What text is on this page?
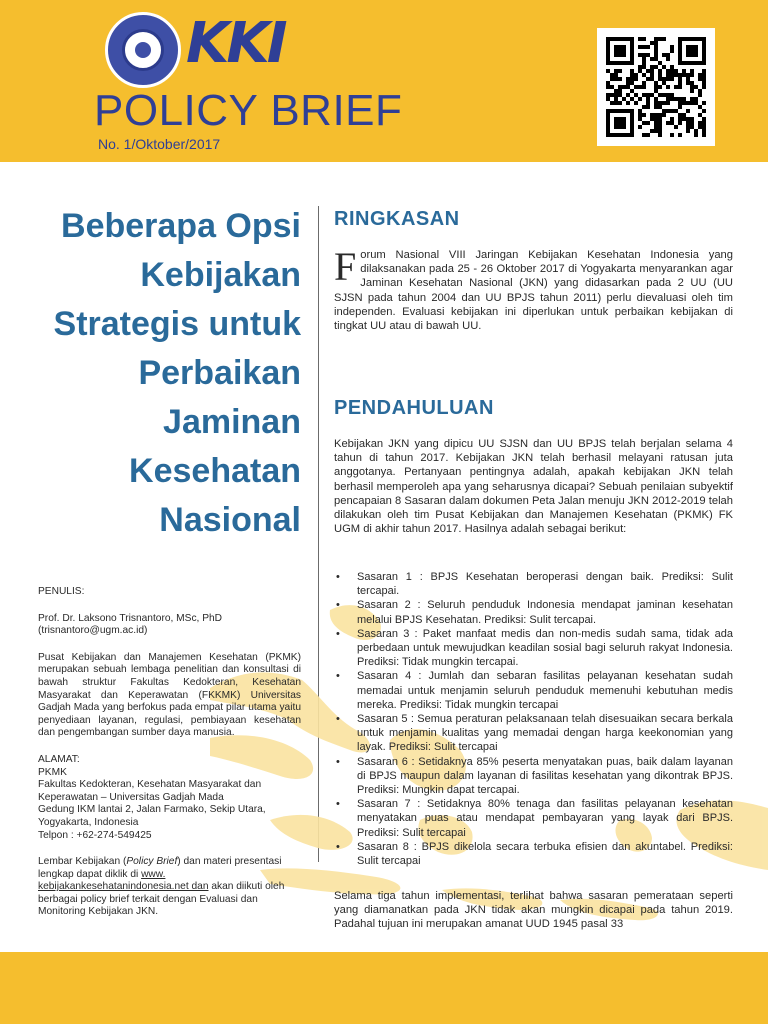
KKI
POLICY BRIEF
No. 1/Oktober/2017
Beberapa Opsi
Kebijakan
Strategis untuk
Perbaikan
Jaminan
Kesehatan
Nasional

PENULIS:

Prof. Dr. Laksono Trisnantoro, MSc, PhD

(trisnantoro@ugm.ac.id)

Pusat Kebijakan dan Manajemen Kesehatan (PKMK) merupakan sebuah lembaga penelitian dan konsultasi di bawah struktur Fakultas Kedokteran, Kesehatan Masyarakat dan Keperawatan (FKKMK) Universitas Gadjah Mada yang berfokus pada empat pilar utama yaitu penyediaan layanan, regulasi, pembiayaan kesehatan dan pengembangan sumber daya manusia.

ALAMAT:

PKMK

Fakultas Kedokteran, Kesehatan Masyarakat dan

Keperawatan – Universitas Gadjah Mada

Gedung IKM lantai 2, Jalan Farmako, Sekip Utara,

Yogyakarta, Indonesia

Telpon : +62-274-549425

Lembar Kebijakan (Policy Brief) dan materi presentasi lengkap dapat diklik di www. kebijakankesehatanindonesia.net dan akan diikuti oleh berbagai policy brief terkait dengan Evaluasi dan Monitoring Kebijakan JKN.

RINGKASAN

Forum Nasional VIII Jaringan Kebijakan Kesehatan Indonesia yang dilaksanakan pada 25 - 26 Oktober 2017 di Yogyakarta menyarankan agar Jaminan Kesehatan Nasional (JKN) yang didasarkan pada 2 UU (UU SJSN pada tahun 2004 dan UU BPJS tahun 2011) perlu dievaluasi oleh tim independen. Evaluasi kebijakan ini diperlukan untuk perbaikan kebijakan di tingkat UU atau di bawah UU.

PENDAHULUAN

Kebijakan JKN yang dipicu UU SJSN dan UU BPJS telah berjalan selama 4 tahun di tahun 2017. Kebijakan JKN telah berhasil melayani ratusan juta anggotanya. Pertanyaan pentingnya adalah, apakah kebijakan JKN telah berhasil memperoleh apa yang seharusnya dicapai? Sebuah penilaian subyektif pencapaian 8 Sasaran dalam dokumen Peta Jalan menuju JKN 2012-2019 telah dilakukan oleh tim Pusat Kebijakan dan Manajemen Kesehatan (PKMK) FK UGM di akhir tahun 2017. Hasilnya adalah sebagai berikut:

• Sasaran 1 : BPJS Kesehatan beroperasi dengan baik. Prediksi: Sulit tercapai.
• Sasaran 2 : Seluruh penduduk Indonesia mendapat jaminan kesehatan melalui BPJS Kesehatan. Prediksi: Sulit tercapai.
• Sasaran 3 : Paket manfaat medis dan non-medis sudah sama, tidak ada perbedaan untuk mewujudkan keadilan sosial bagi seluruh rakyat Indonesia. Prediksi: Tidak mungkin tercapai.
• Sasaran 4 : Jumlah dan sebaran fasilitas pelayanan kesehatan sudah memadai untuk menjamin seluruh penduduk memenuhi kebutuhan medis mereka. Prediksi: Tidak mungkin tercapai
• Sasaran 5 : Semua peraturan pelaksanaan telah disesuaikan secara berkala untuk menjamin kualitas yang memadai dengan harga keekonomian yang layak. Prediksi: Sulit tercapai
• Sasaran 6 : Setidaknya 85% peserta menyatakan puas, baik dalam layanan di BPJS maupun dalam layanan di fasilitas kesehatan yang dikontrak BPJS. Prediksi: Mungkin dapat tercapai.
• Sasaran 7 : Setidaknya 80% tenaga dan fasilitas pelayanan kesehatan menyatakan puas atau mendapat pembayaran yang layak dari BPJS. Prediksi: Sulit tercapai
• Sasaran 8 : BPJS dikelola secara terbuka efisien dan akuntabel. Prediksi: Sulit tercapai

Selama tiga tahun implementasi, terlihat bahwa sasaran pemerataan seperti yang diamanatkan pada JKN tidak akan mungkin dicapai pada tahun 2019. Padahal tujuan ini merupakan amanat UUD 1945 pasal 33
